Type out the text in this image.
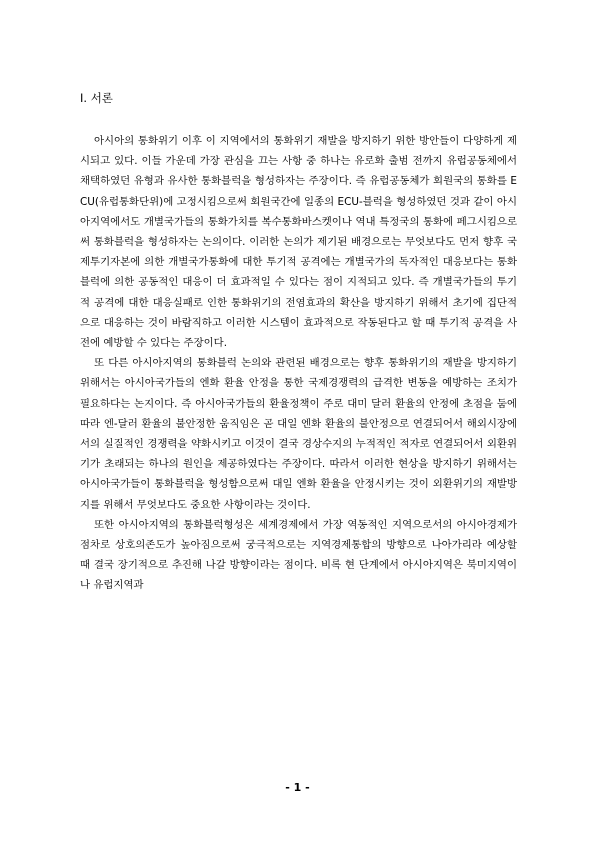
Ⅰ. 서론

아시아의 통화위기 이후 이 지역에서의 통화위기 재발을 방지하기 위한 방안들이 다양하게 제시되고 있다. 이들 가운데 가장 관심을 끄는 사항 중 하나는 유로화 출범 전까지 유럽공동체에서 채택하였던 유형과 유사한 통화블럭을 형성하자는 주장이다. 즉 유럽공동체가 회원국의 통화를 ECU(유럽통화단위)에 고정시킴으로써 회원국간에 일종의 ECU-블럭을 형성하였던 것과 같이 아시아지역에서도 개별국가들의 통화가치를 복수통화바스켓이나 역내 특정국의 통화에 페그시킴으로써 통화블럭을 형성하자는 논의이다. 이러한 논의가 제기된 배경으로는 무엇보다도 먼저 향후 국제투기자본에 의한 개별국가통화에 대한 투기적 공격에는 개별국가의 독자적인 대응보다는 통화블럭에 의한 공동적인 대응이 더 효과적일 수 있다는 점이 지적되고 있다. 즉 개별국가들의 투기적 공격에 대한 대응실패로 인한 통화위기의 전염효과의 확산을 방지하기 위해서 초기에 집단적으로 대응하는 것이 바람직하고 이러한 시스템이 효과적으로 작동된다고 할 때 투기적 공격을 사전에 예방할 수 있다는 주장이다.

또 다른 아시아지역의 통화블럭 논의와 관련된 배경으로는 향후 통화위기의 재발을 방지하기 위해서는 아시아국가들의 엔화 환율 안정을 통한 국제경쟁력의 급격한 변동을 예방하는 조치가 필요하다는 논지이다. 즉 아시아국가들의 환율정책이 주로 대미 달러 환율의 안정에 초점을 둠에 따라 엔-달러 환율의 불안정한 움직임은 곧 대일 엔화 환율의 불안정으로 연결되어서 해외시장에서의 실질적인 경쟁력을 약화시키고 이것이 결국 경상수지의 누적적인 적자로 연결되어서 외환위기가 초래되는 하나의 원인을 제공하였다는 주장이다. 따라서 이러한 현상을 방지하기 위해서는 아시아국가들이 통화블럭을 형성함으로써 대일 엔화 환율을 안정시키는 것이 외환위기의 재발방지를 위해서 무엇보다도 중요한 사항이라는 것이다.

또한 아시아지역의 통화블럭형성은 세계경제에서 가장 역동적인 지역으로서의 아시아경제가 점차로 상호의존도가 높아짐으로써 궁극적으로는 지역경제통합의 방향으로 나아가리라 예상할 때 결국 장기적으로 추진해 나갈 방향이라는 점이다. 비록 현 단계에서 아시아지역은 북미지역이나 유럽지역과

- 1 -
